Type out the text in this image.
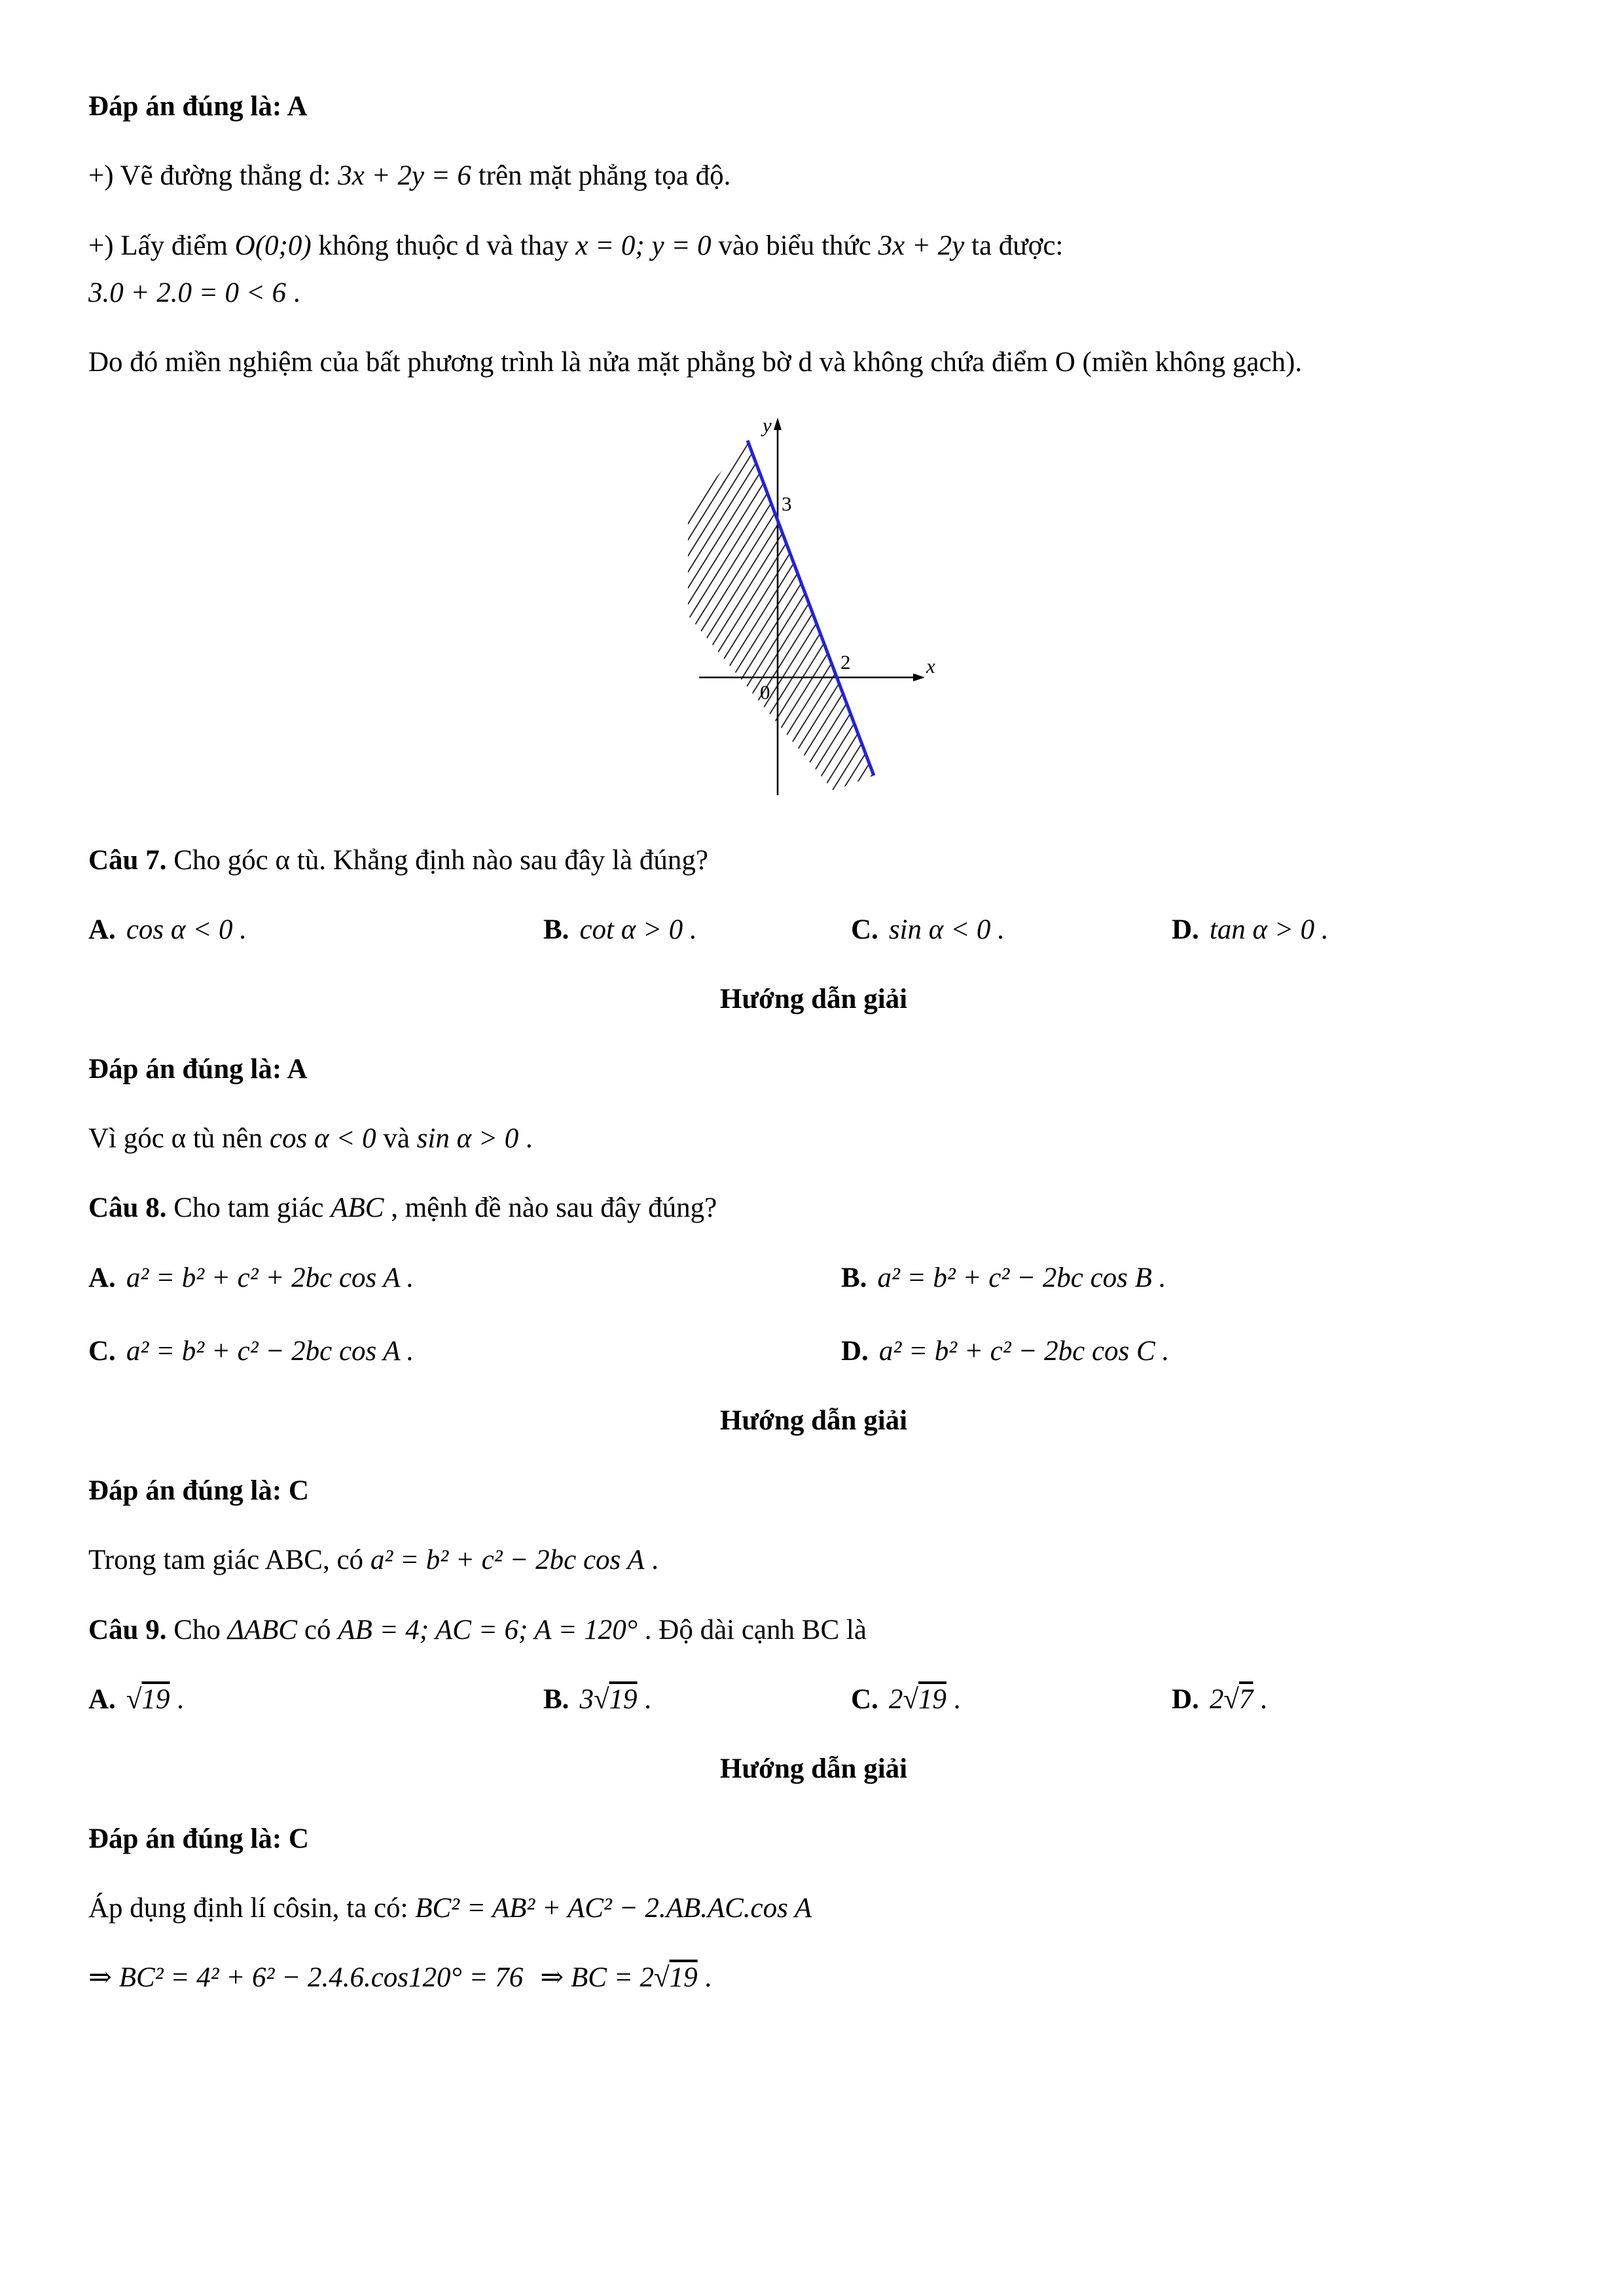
Đáp án đúng là: A

+) Vẽ đường thẳng d: 3x + 2y = 6 trên mặt phẳng tọa độ.

+) Lấy điểm O(0;0) không thuộc d và thay x = 0; y = 0 vào biểu thức 3x + 2y ta được:

3.0 + 2.0 = 0 < 6 .

Do đó miền nghiệm của bất phương trình là nửa mặt phẳng bờ d và không chứa điểm O (miền không gạch).

y
x
3
2
0

Câu 7. Cho góc α tù. Khẳng định nào sau đây là đúng?

A. cos α < 0 .	B. cot α > 0 .	C. sin α < 0 .	D. tan α > 0 .

Hướng dẫn giải

Đáp án đúng là: A

Vì góc α tù nên cos α < 0 và sin α > 0 .

Câu 8. Cho tam giác ABC , mệnh đề nào sau đây đúng?

A. a² = b² + c² + 2bc cos A .	B. a² = b² + c² − 2bc cos B .
C. a² = b² + c² − 2bc cos A .	D. a² = b² + c² − 2bc cos C .

Hướng dẫn giải

Đáp án đúng là: C

Trong tam giác ABC, có a² = b² + c² − 2bc cos A .

Câu 9. Cho ΔABC có AB = 4; AC = 6; A = 120° . Độ dài cạnh BC là

A. √19 .	B. 3√19 .	C. 2√19 .	D. 2√7 .

Hướng dẫn giải

Đáp án đúng là: C

Áp dụng định lí côsin, ta có: BC² = AB² + AC² − 2.AB.AC.cos A

⇒ BC² = 4² + 6² − 2.4.6.cos120° = 76 ⇒ BC = 2√19 .
